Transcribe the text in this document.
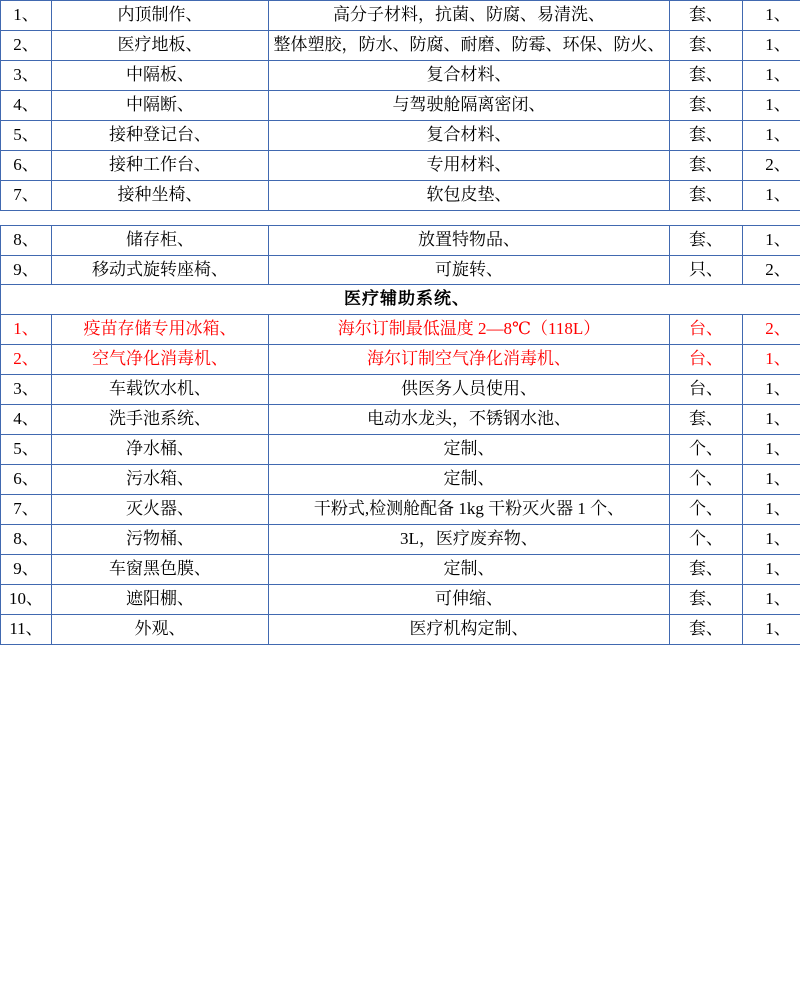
1、	内顶制作、	高分子材料，抗菌、防腐、易清洗、	套、	1、
2、	医疗地板、	整体塑胶，防水、防腐、耐磨、防霉、环保、防火、	套、	1、
3、	中隔板、	复合材料、	套、	1、
4、	中隔断、	与驾驶舱隔离密闭、	套、	1、
5、	接种登记台、	复合材料、	套、	1、
6、	接种工作台、	专用材料、	套、	2、
7、	接种坐椅、	软包皮垫、	套、	1、
8、	储存柜、	放置特物品、	套、	1、
9、	移动式旋转座椅、	可旋转、	只、	2、
医疗辅助系统、				
1、	疫苗存储专用冰箱、	海尔订制最低温度 2—8℃（118L）	台、	2、
2、	空气净化消毒机、	海尔订制空气净化消毒机、	台、	1、
3、	车载饮水机、	供医务人员使用、	台、	1、
4、	洗手池系统、	电动水龙头，不锈钢水池、	套、	1、
5、	净水桶、	定制、	个、	1、
6、	污水箱、	定制、	个、	1、
7、	灭火器、	干粉式,检测舱配备 1kg 干粉灭火器 1 个、	个、	1、
8、	污物桶、	3L，医疗废弃物、	个、	1、
9、	车窗黑色膜、	定制、	套、	1、
10、	遮阳棚、	可伸缩、	套、	1、
11、	外观、	医疗机构定制、	套、	1、
